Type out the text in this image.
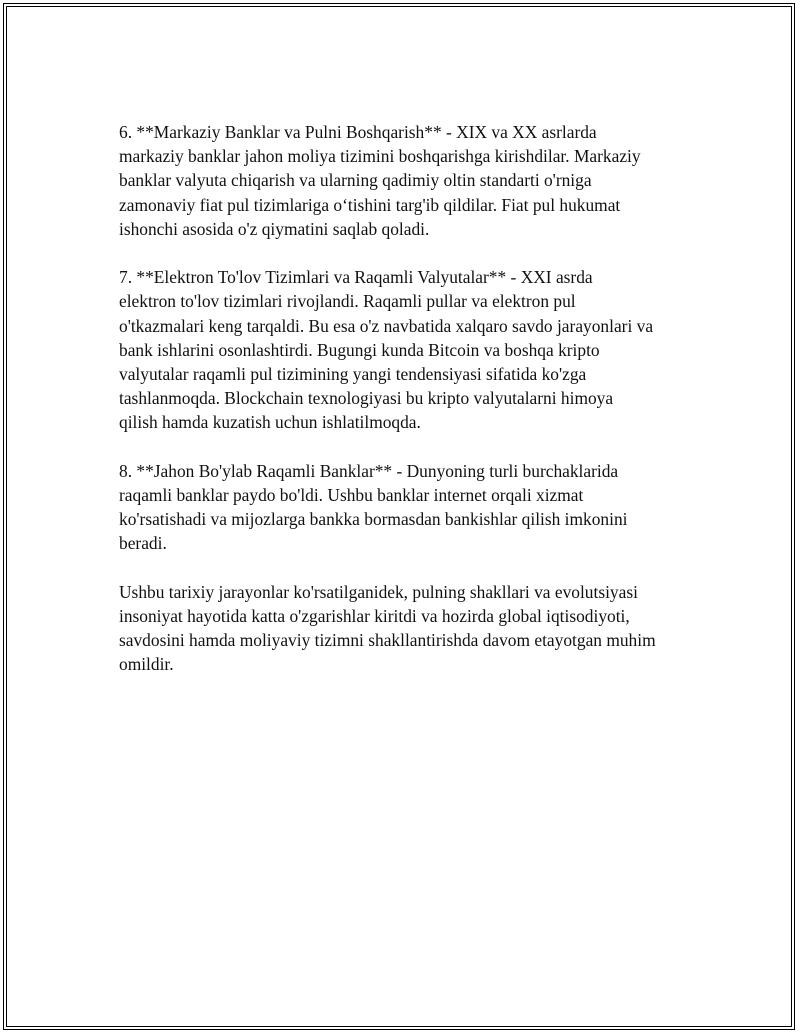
6. **Markaziy Banklar va Pulni Boshqarish** - XIX va XX asrlarda
markaziy banklar jahon moliya tizimini boshqarishga kirishdilar. Markaziy
banklar valyuta chiqarish va ularning qadimiy oltin standarti o'rniga
zamonaviy fiat pul tizimlariga o‘tishini targ'ib qildilar. Fiat pul hukumat
ishonchi asosida o'z qiymatini saqlab qoladi.

7. **Elektron To'lov Tizimlari va Raqamli Valyutalar** - XXI asrda
elektron to'lov tizimlari rivojlandi. Raqamli pullar va elektron pul
o'tkazmalari keng tarqaldi. Bu esa o'z navbatida xalqaro savdo jarayonlari va
bank ishlarini osonlashtirdi. Bugungi kunda Bitcoin va boshqa kripto
valyutalar raqamli pul tizimining yangi tendensiyasi sifatida ko'zga
tashlanmoqda. Blockchain texnologiyasi bu kripto valyutalarni himoya
qilish hamda kuzatish uchun ishlatilmoqda.

8. **Jahon Bo'ylab Raqamli Banklar** - Dunyoning turli burchaklarida
raqamli banklar paydo bo'ldi. Ushbu banklar internet orqali xizmat
ko'rsatishadi va mijozlarga bankka bormasdan bankishlar qilish imkonini
beradi.

Ushbu tarixiy jarayonlar ko'rsatilganidek, pulning shakllari va evolutsiyasi
insoniyat hayotida katta o'zgarishlar kiritdi va hozirda global iqtisodiyoti,
savdosini hamda moliyaviy tizimni shakllantirishda davom etayotgan muhim
omildir.
